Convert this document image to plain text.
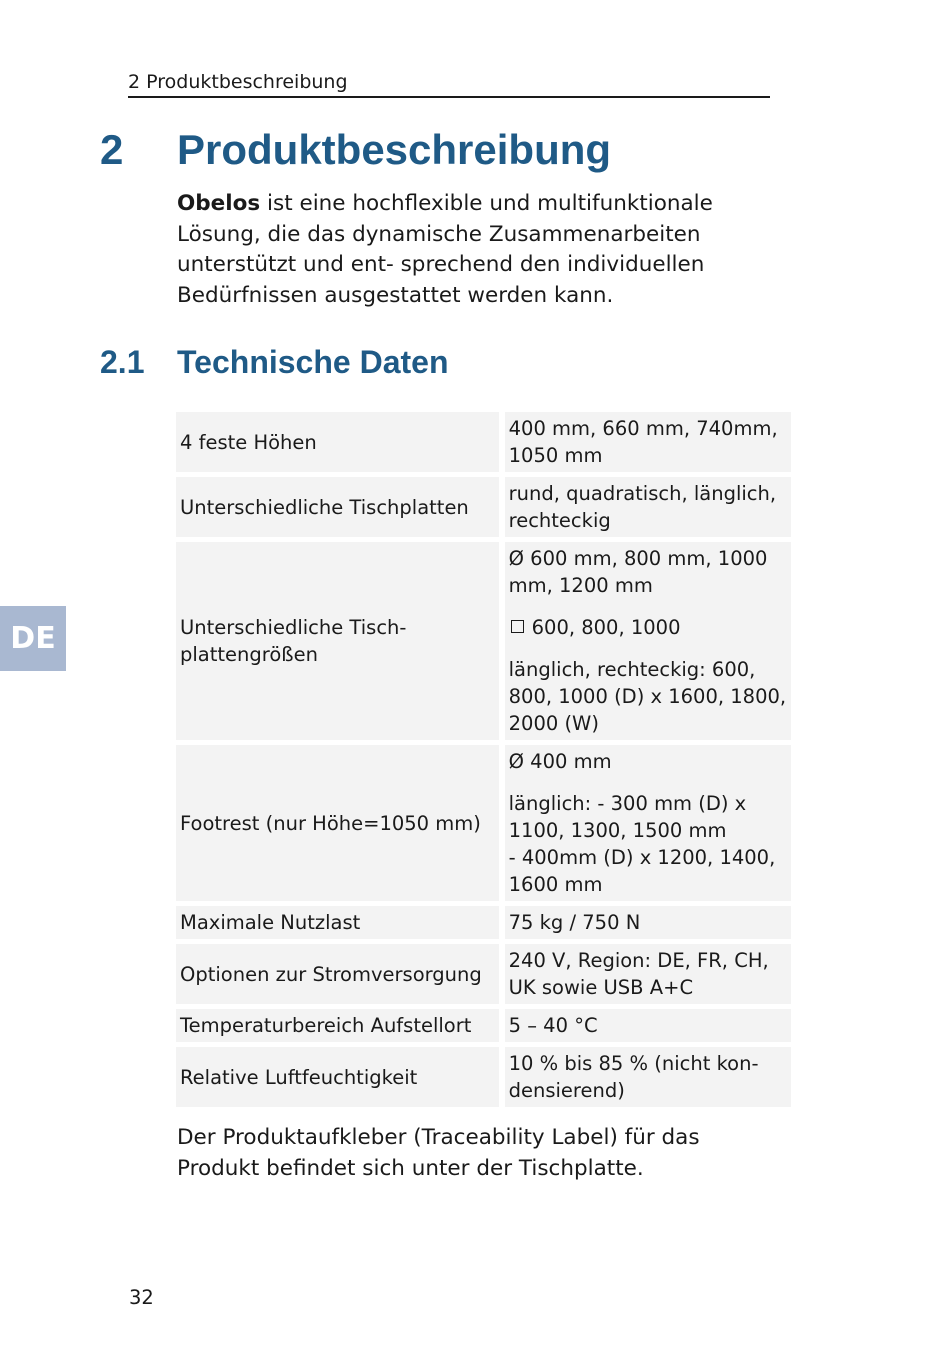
2 Produktbeschreibung
2 Produktbeschreibung
Obelos ist eine hochflexible und multifunktionale Lösung, die das dynamische Zusammenarbeiten unterstützt und ent- sprechend den individuellen Bedürfnissen ausgestattet werden kann.
2.1 Technische Daten
DE
4 feste Höhen	400 mm, 660 mm, 740mm, 1050 mm

Unterschiedliche Tischplatten	rund, quadratisch, länglich, rechteckig

Unterschiedliche Tisch- plattengrößen	Ø 600 mm, 800 mm, 1000 mm, 1200 mm
600, 800, 1000
länglich, rechteckig: 600, 800, 1000 (D) x 1600, 1800, 2000 (W)

Footrest (nur Höhe=1050 mm)	Ø 400 mm
länglich: - 300 mm (D) x 1100, 1300, 1500 mm
- 400mm (D) x 1200, 1400, 1600 mm

Maximale Nutzlast	75 kg / 750 N

Optionen zur Stromversorgung	240 V, Region: DE, FR, CH, UK sowie USB A+C

Temperaturbereich Aufstellort	5 – 40 °C

Relative Luftfeuchtigkeit	10 % bis 85 % (nicht kon- densierend)
Der Produktaufkleber (Traceability Label) für das Produkt befindet sich unter der Tischplatte.
32
